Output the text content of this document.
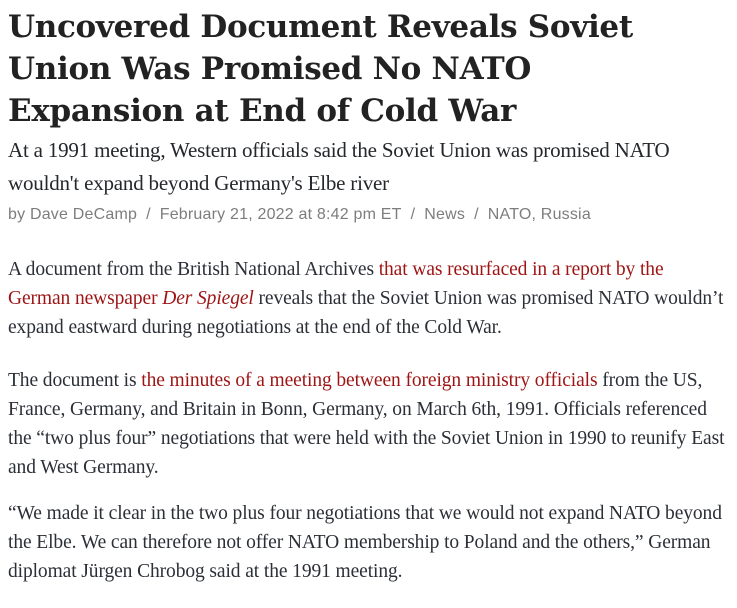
Uncovered Document Reveals Soviet Union Was Promised No NATO Expansion at End of Cold War

At a 1991 meeting, Western officials said the Soviet Union was promised NATO wouldn't expand beyond Germany's Elbe river

by Dave DeCamp / February 21, 2022 at 8:42 pm ET / News / NATO, Russia

A document from the British National Archives that was resurfaced in a report by the German newspaper Der Spiegel reveals that the Soviet Union was promised NATO wouldn’t expand eastward during negotiations at the end of the Cold War.

The document is the minutes of a meeting between foreign ministry officials from the US, France, Germany, and Britain in Bonn, Germany, on March 6th, 1991. Officials referenced the “two plus four” negotiations that were held with the Soviet Union in 1990 to reunify East and West Germany.

“We made it clear in the two plus four negotiations that we would not expand NATO beyond the Elbe. We can therefore not offer NATO membership to Poland and the others,” German diplomat Jürgen Chrobog said at the 1991 meeting.
